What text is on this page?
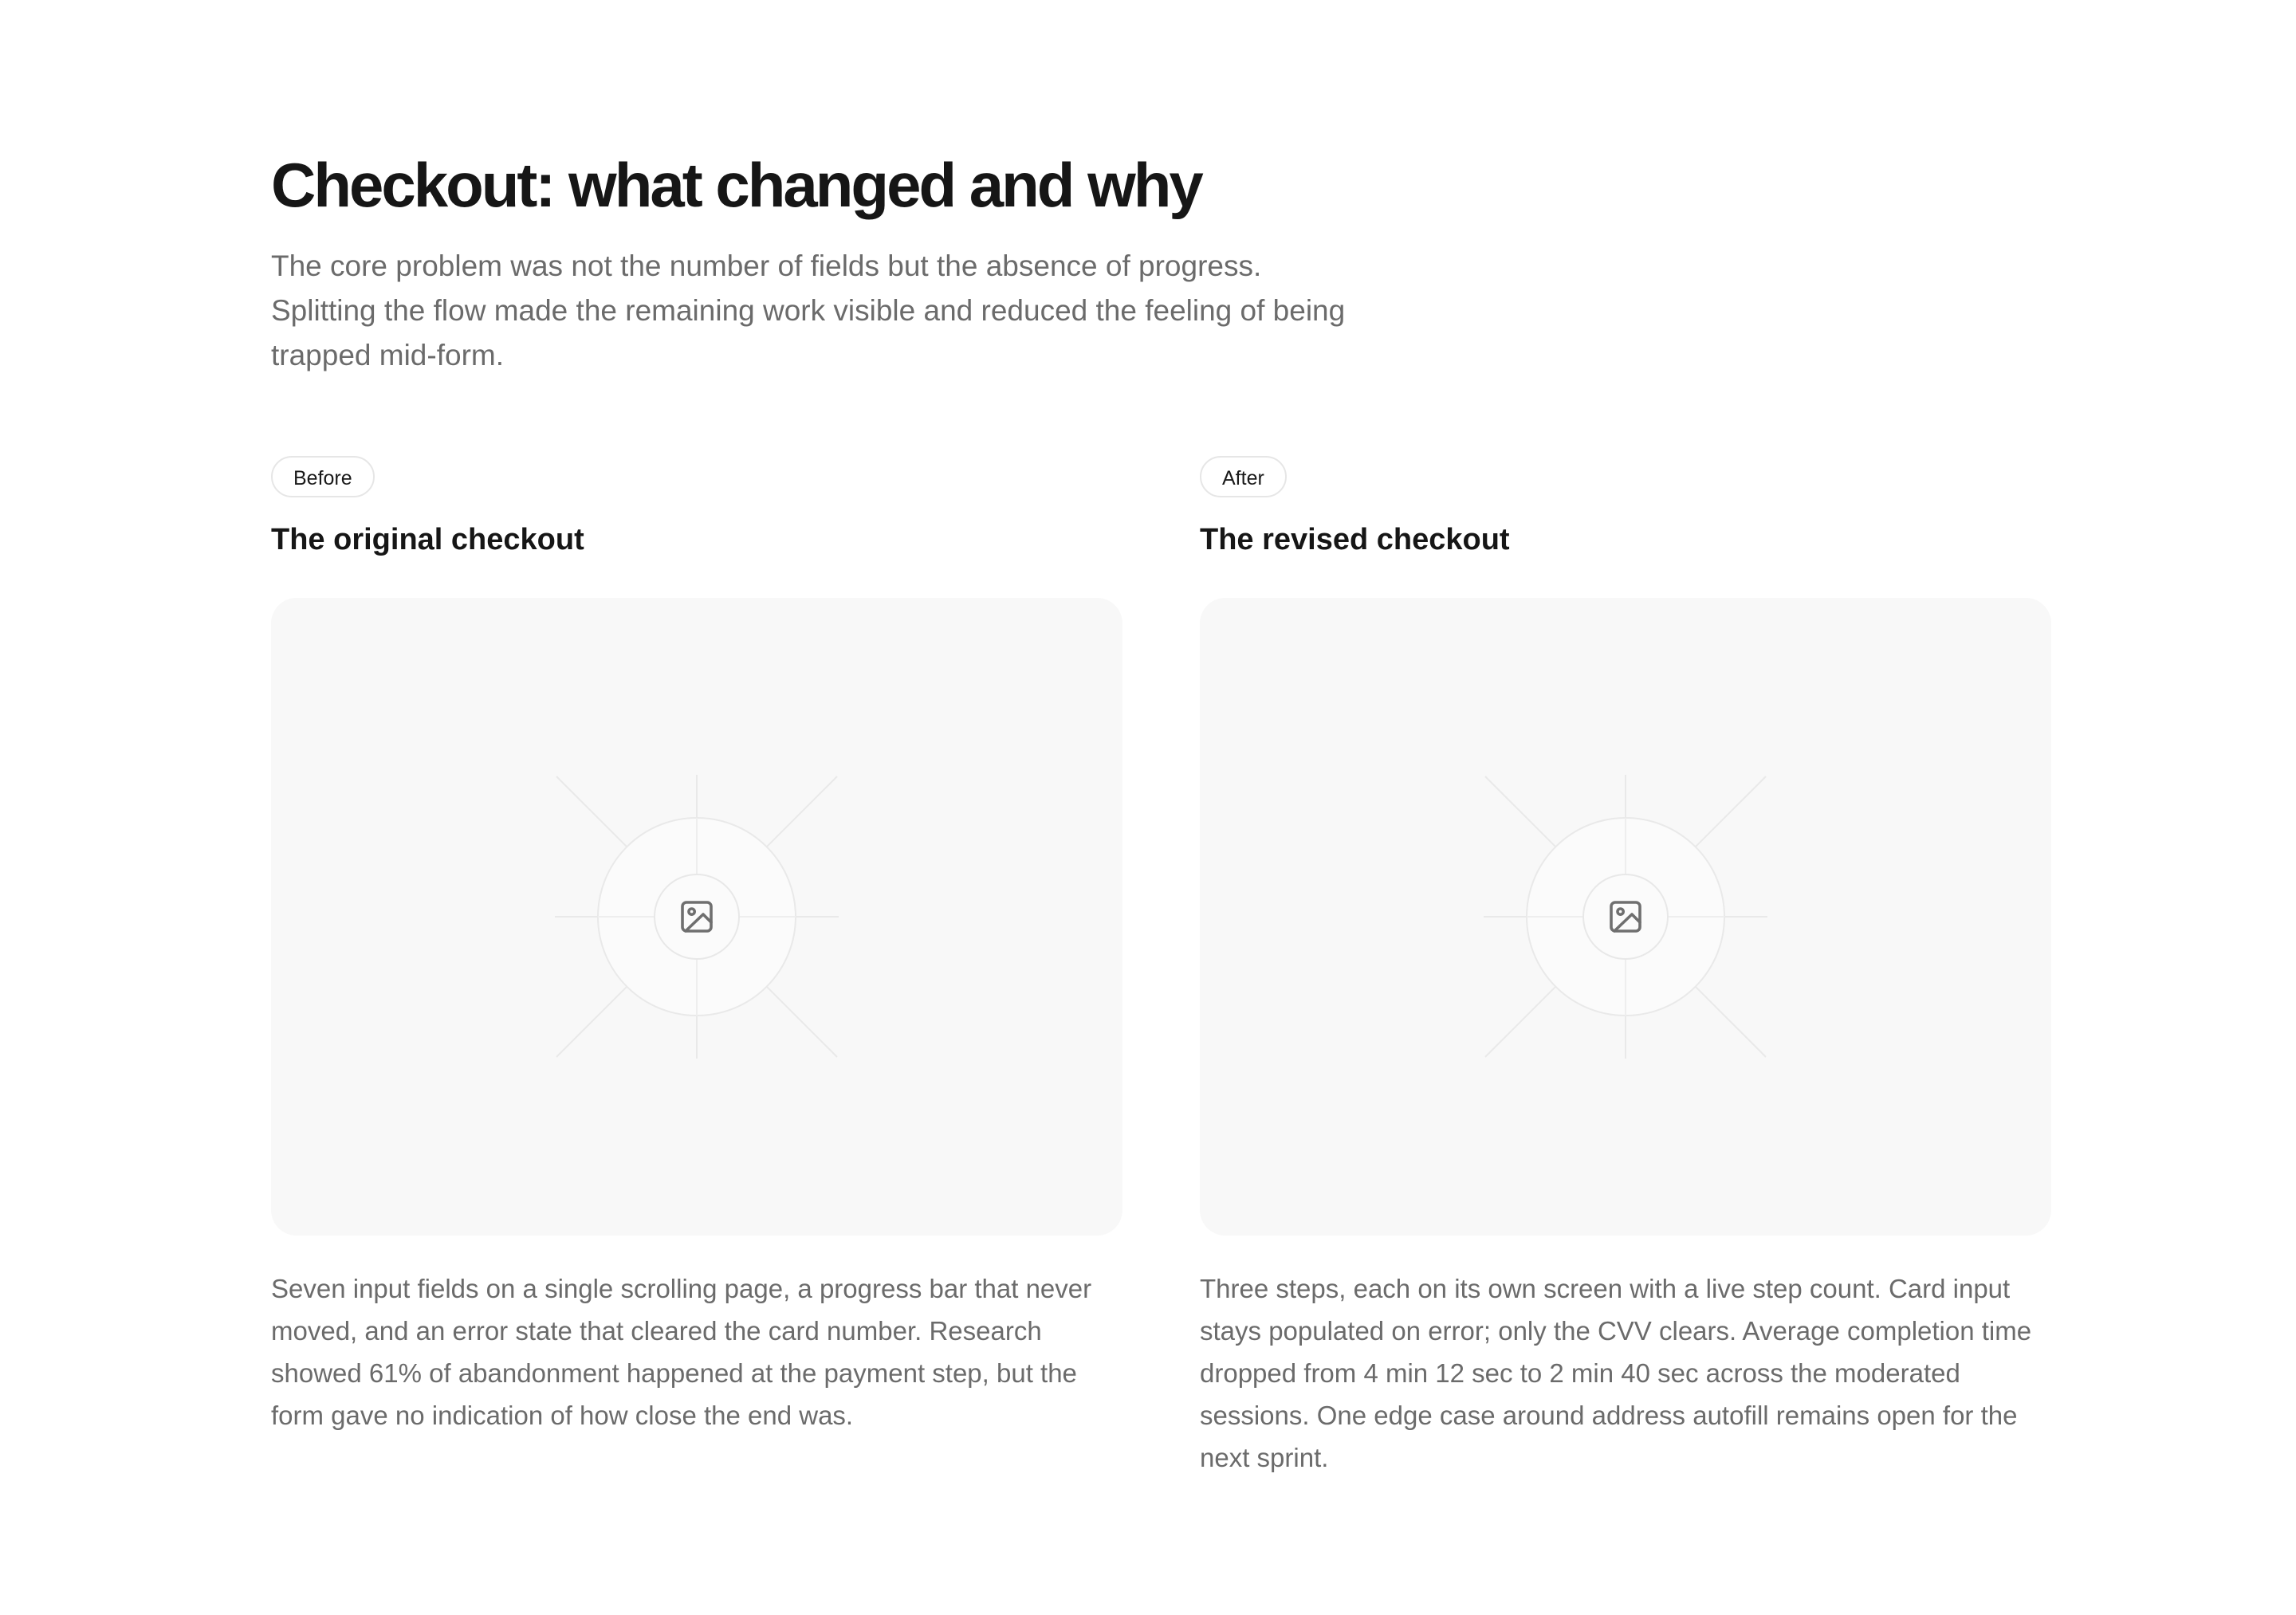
Checkout: what changed and why

The core problem was not the number of fields but the absence of progress. Splitting the flow made the remaining work visible and reduced the feeling of being trapped mid-form.

Before
The original checkout

Seven input fields on a single scrolling page, a progress bar that never moved, and an error state that cleared the card number. Research showed 61% of abandonment happened at the payment step, but the form gave no indication of how close the end was.

After
The revised checkout

Three steps, each on its own screen with a live step count. Card input stays populated on error; only the CVV clears. Average completion time dropped from 4 min 12 sec to 2 min 40 sec across the moderated sessions. One edge case around address autofill remains open for the next sprint.
